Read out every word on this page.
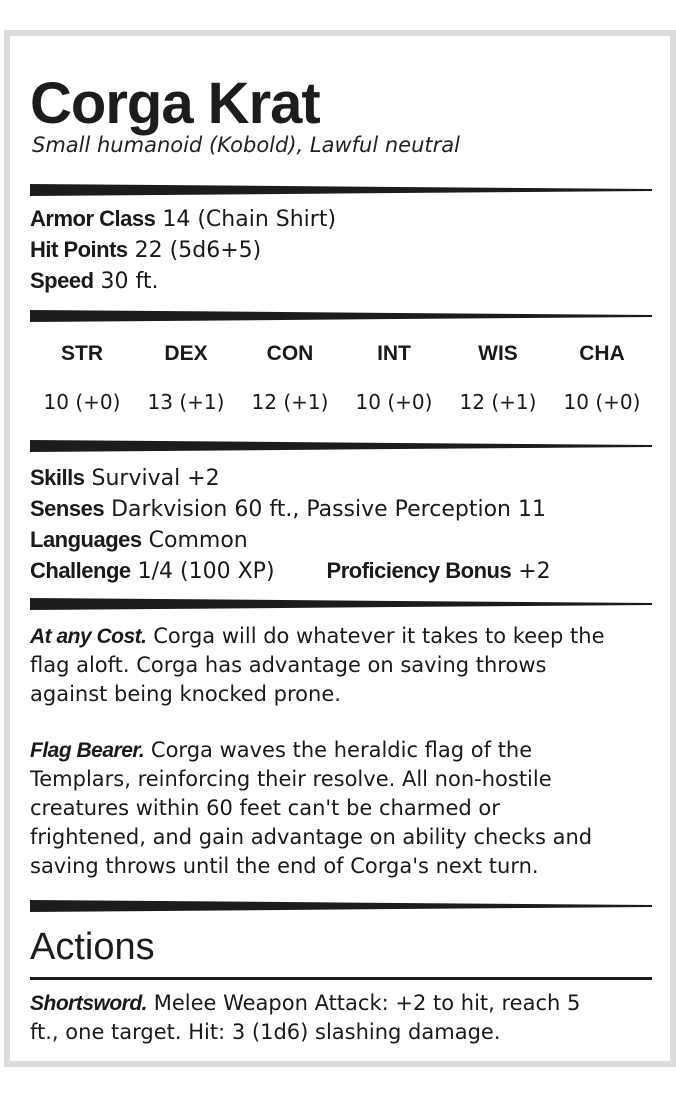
Corga Krat
Small humanoid (Kobold), Lawful neutral
Armor Class 14 (Chain Shirt)
Hit Points 22 (5d6+5)
Speed 30 ft.
STR	DEX	CON	INT	WIS	CHA
10 (+0)	13 (+1)	12 (+1)	10 (+0)	12 (+1)	10 (+0)
Skills Survival +2
Senses Darkvision 60 ft., Passive Perception 11
Languages Common
Challenge 1/4 (100 XP) Proficiency Bonus +2
At any Cost. Corga will do whatever it takes to keep the
flag aloft. Corga has advantage on saving throws
against being knocked prone.
Flag Bearer. Corga waves the heraldic flag of the
Templars, reinforcing their resolve. All non-hostile
creatures within 60 feet can't be charmed or
frightened, and gain advantage on ability checks and
saving throws until the end of Corga's next turn.
Actions
Shortsword. Melee Weapon Attack: +2 to hit, reach 5
ft., one target. Hit: 3 (1d6) slashing damage.
